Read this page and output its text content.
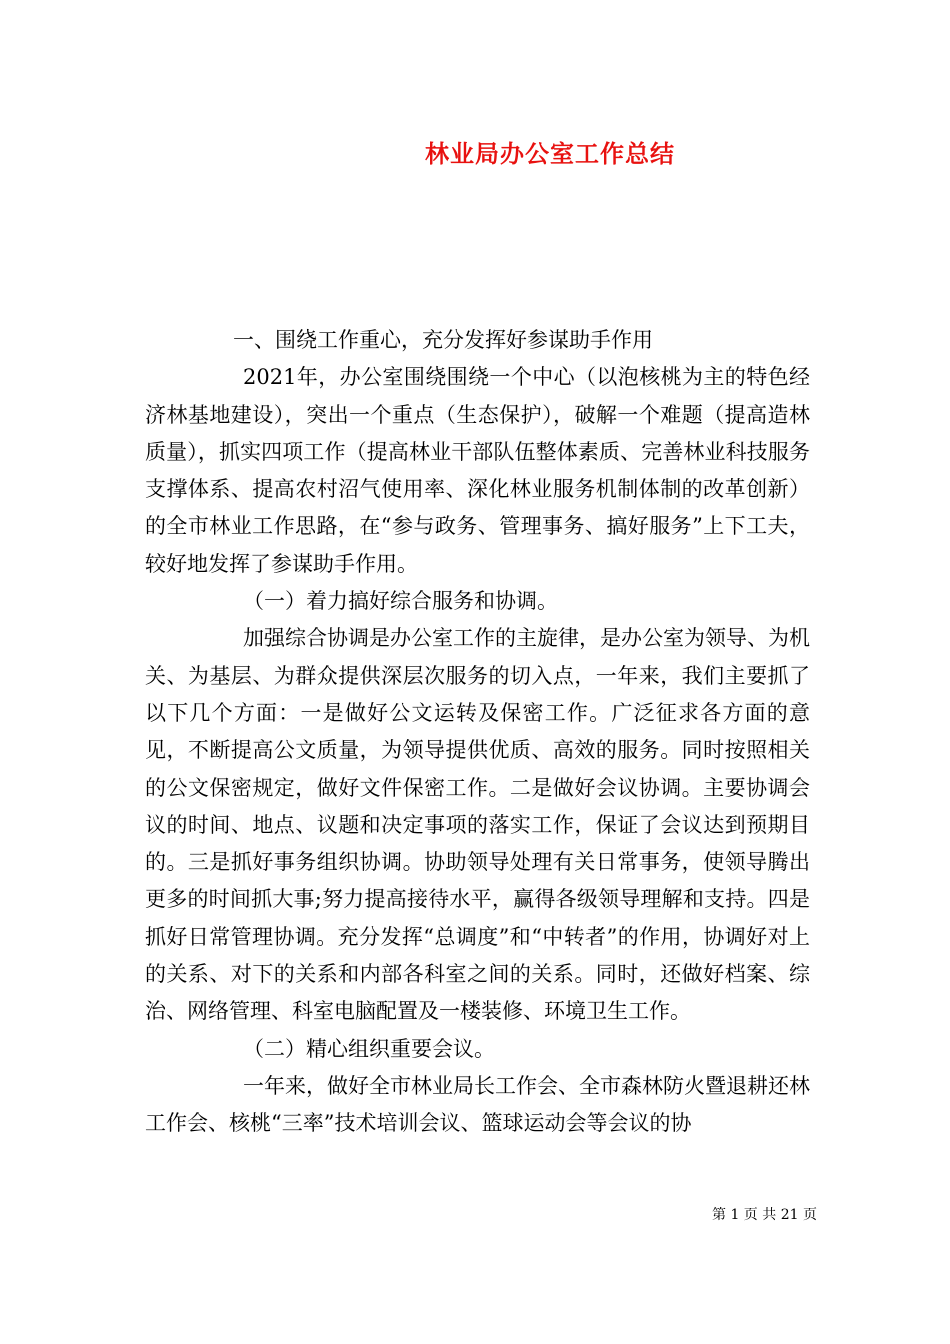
林业局办公室工作总结

一、围绕工作重心，充分发挥好参谋助手作用

2021年，办公室围绕围绕一个中心（以泡核桃为主的特色经济林基地建设），突出一个重点（生态保护），破解一个难题（提高造林质量），抓实四项工作（提高林业干部队伍整体素质、完善林业科技服务支撑体系、提高农村沼气使用率、深化林业服务机制体制的改革创新）的全市林业工作思路，在“参与政务、管理事务、搞好服务”上下工夫，较好地发挥了参谋助手作用。

（一）着力搞好综合服务和协调。

加强综合协调是办公室工作的主旋律，是办公室为领导、为机关、为基层、为群众提供深层次服务的切入点，一年来，我们主要抓了以下几个方面：一是做好公文运转及保密工作。广泛征求各方面的意见，不断提高公文质量，为领导提供优质、高效的服务。同时按照相关的公文保密规定，做好文件保密工作。二是做好会议协调。主要协调会议的时间、地点、议题和决定事项的落实工作，保证了会议达到预期目的。三是抓好事务组织协调。协助领导处理有关日常事务，使领导腾出更多的时间抓大事;努力提高接待水平，赢得各级领导理解和支持。四是抓好日常管理协调。充分发挥“总调度”和“中转者”的作用，协调好对上的关系、对下的关系和内部各科室之间的关系。同时，还做好档案、综治、网络管理、科室电脑配置及一楼装修、环境卫生工作。

（二）精心组织重要会议。

一年来，做好全市林业局长工作会、全市森林防火暨退耕还林工作会、核桃“三率”技术培训会议、篮球运动会等会议的协

第 1 页 共 21 页
